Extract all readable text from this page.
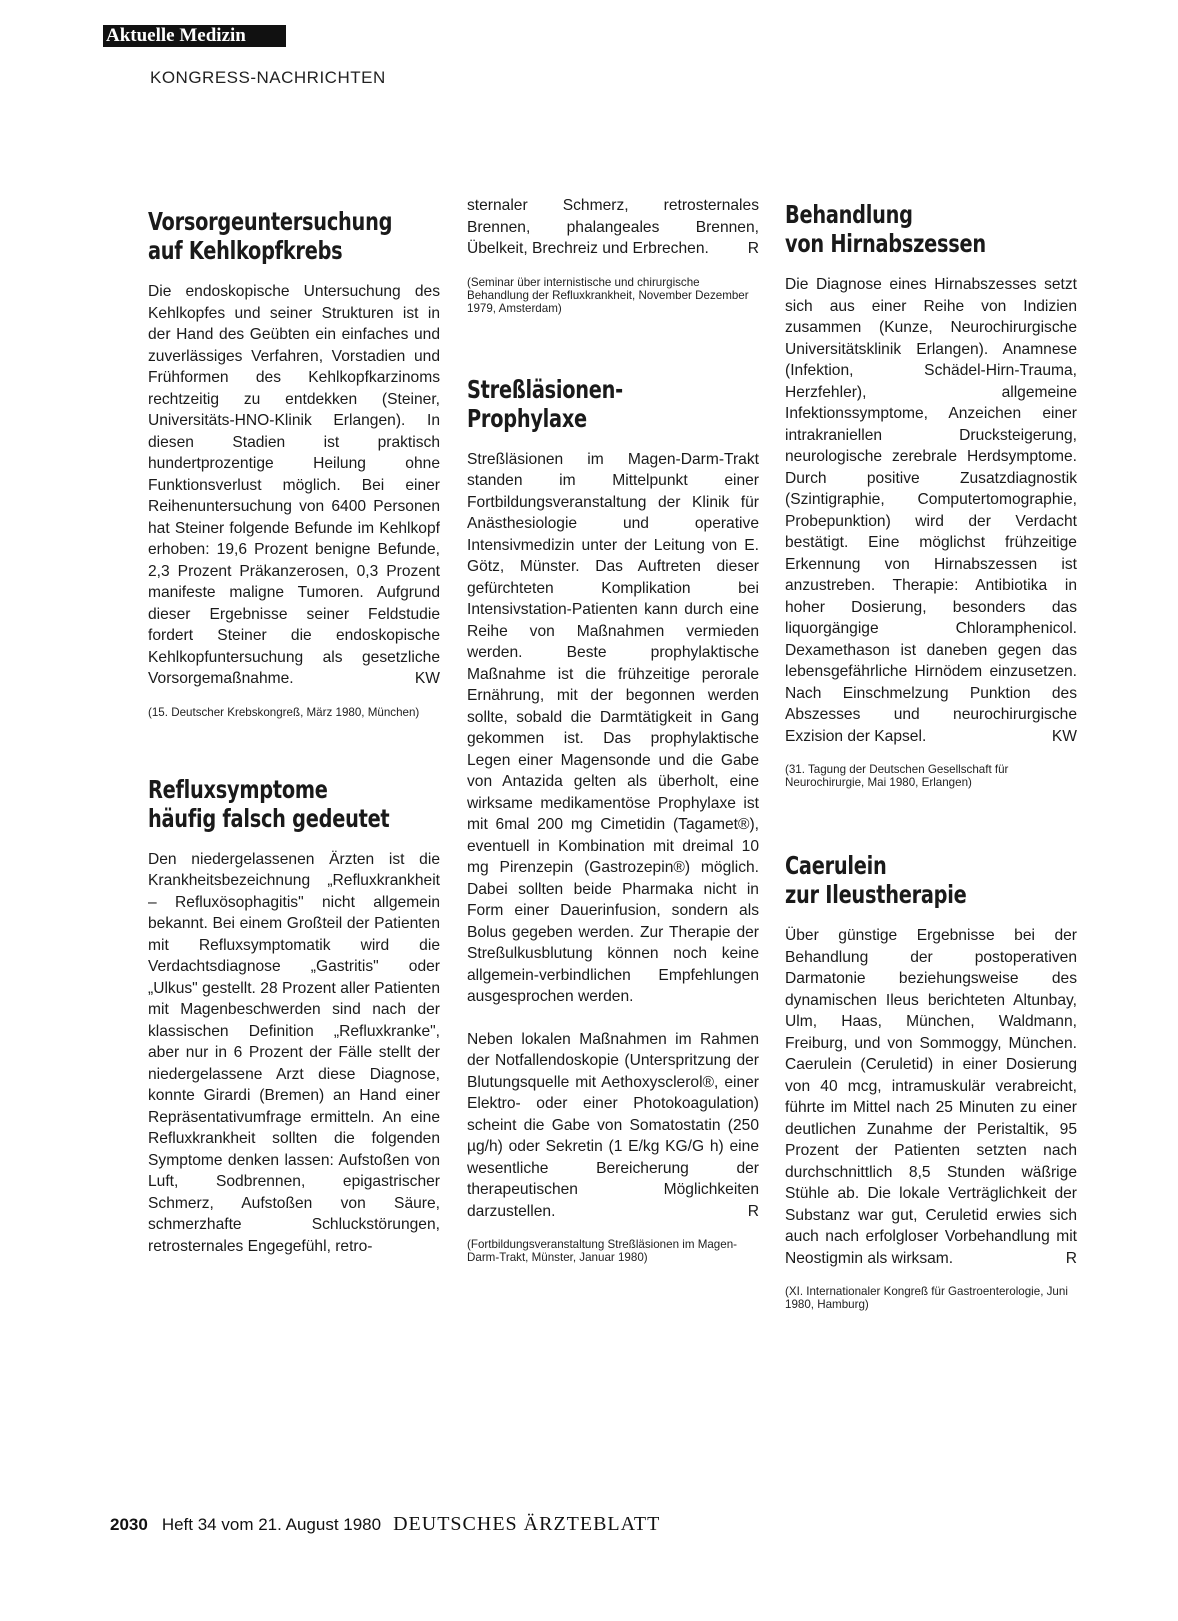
Aktuelle Medizin
KONGRESS-NACHRICHTEN
Vorsorgeuntersuchung
auf Kehlkopfkrebs

Die endoskopische Untersuchung des Kehlkopfes und seiner Strukturen ist in der Hand des Geübten ein einfaches und zuverlässiges Verfahren, Vorstadien und Frühformen des Kehlkopfkarzinoms rechtzeitig zu entdekken (Steiner, Universitäts-HNO-Klinik Erlangen). In diesen Stadien ist praktisch hundertprozentige Heilung ohne Funktionsverlust möglich. Bei einer Reihenuntersuchung von 6400 Personen hat Steiner folgende Befunde im Kehlkopf erhoben: 19,6 Prozent benigne Befunde, 2,3 Prozent Präkanzerosen, 0,3 Prozent manifeste maligne Tumoren. Aufgrund dieser Ergebnisse seiner Feldstudie fordert Steiner die endoskopische Kehlkopfuntersuchung als gesetzliche Vorsorgemaßnahme.	KW

(15. Deutscher Krebskongreß, März 1980, München)

Refluxsymptome
häufig falsch gedeutet

Den niedergelassenen Ärzten ist die Krankheitsbezeichnung „Refluxkrankheit – Refluxösophagitis" nicht allgemein bekannt. Bei einem Großteil der Patienten mit Refluxsymptomatik wird die Verdachtsdiagnose „Gastritis" oder „Ulkus" gestellt. 28 Prozent aller Patienten mit Magenbeschwerden sind nach der klassischen Definition „Refluxkranke", aber nur in 6 Prozent der Fälle stellt der niedergelassene Arzt diese Diagnose, konnte Girardi (Bremen) an Hand einer Repräsentativumfrage ermitteln. An eine Refluxkrankheit sollten die folgenden Symptome denken lassen: Aufstoßen von Luft, Sodbrennen, epigastrischer Schmerz, Aufstoßen von Säure, schmerzhafte Schluckstörungen, retrosternales Engegefühl, retro-

sternaler Schmerz, retrosternales Brennen, phalangeales Brennen, Übelkeit, Brechreiz und Erbrechen. R

(Seminar über internistische und chirurgische Behandlung der Refluxkrankheit, November Dezember 1979, Amsterdam)

Streßläsionen-
Prophylaxe

Streßläsionen im Magen-Darm-Trakt standen im Mittelpunkt einer Fortbildungsveranstaltung der Klinik für Anästhesiologie und operative Intensivmedizin unter der Leitung von E. Götz, Münster. Das Auftreten dieser gefürchteten Komplikation bei Intensivstation-Patienten kann durch eine Reihe von Maßnahmen vermieden werden. Beste prophylaktische Maßnahme ist die frühzeitige perorale Ernährung, mit der begonnen werden sollte, sobald die Darmtätigkeit in Gang gekommen ist. Das prophylaktische Legen einer Magensonde und die Gabe von Antazida gelten als überholt, eine wirksame medikamentöse Prophylaxe ist mit 6mal 200 mg Cimetidin (Tagamet®), eventuell in Kombination mit dreimal 10 mg Pirenzepin (Gastrozepin®) möglich. Dabei sollten beide Pharmaka nicht in Form einer Dauerinfusion, sondern als Bolus gegeben werden. Zur Therapie der Streßulkusblutung können noch keine allgemein-verbindlichen Empfehlungen ausgesprochen werden.

Neben lokalen Maßnahmen im Rahmen der Notfallendoskopie (Unterspritzung der Blutungsquelle mit Aethoxysclerol®, einer Elektro- oder einer Photokoagulation) scheint die Gabe von Somatostatin (250 µg/h) oder Sekretin (1 E/kg KG/G h) eine wesentliche Bereicherung der therapeutischen Möglichkeiten darzustellen.	R

(Fortbildungsveranstaltung Streßläsionen im Magen-Darm-Trakt, Münster, Januar 1980)

Behandlung
von Hirnabszessen

Die Diagnose eines Hirnabszesses setzt sich aus einer Reihe von Indizien zusammen (Kunze, Neurochirurgische Universitätsklinik Erlangen). Anamnese (Infektion, Schädel-Hirn-Trauma, Herzfehler), allgemeine Infektionssymptome, Anzeichen einer intrakraniellen Drucksteigerung, neurologische zerebrale Herdsymptome. Durch positive Zusatzdiagnostik (Szintigraphie, Computertomographie, Probepunktion) wird der Verdacht bestätigt. Eine möglichst frühzeitige Erkennung von Hirnabszessen ist anzustreben. Therapie: Antibiotika in hoher Dosierung, besonders das liquorgängige Chloramphenicol. Dexamethason ist daneben gegen das lebensgefährliche Hirnödem einzusetzen. Nach Einschmelzung Punktion des Abszesses und neurochirurgische Exzision der Kapsel.	KW

(31. Tagung der Deutschen Gesellschaft für Neurochirurgie, Mai 1980, Erlangen)

Caerulein
zur Ileustherapie

Über günstige Ergebnisse bei der Behandlung der postoperativen Darmatonie beziehungsweise des dynamischen Ileus berichteten Altunbay, Ulm, Haas, München, Waldmann, Freiburg, und von Sommoggy, München. Caerulein (Ceruletid) in einer Dosierung von 40 mcg, intramuskulär verabreicht, führte im Mittel nach 25 Minuten zu einer deutlichen Zunahme der Peristaltik, 95 Prozent der Patienten setzten nach durchschnittlich 8,5 Stunden wäßrige Stühle ab. Die lokale Verträglichkeit der Substanz war gut, Ceruletid erwies sich auch nach erfolgloser Vorbehandlung mit Neostigmin als wirksam.	R

(XI. Internationaler Kongreß für Gastroenterologie, Juni 1980, Hamburg)

2030 Heft 34 vom 21. August 1980 DEUTSCHES ÄRZTEBLATT
